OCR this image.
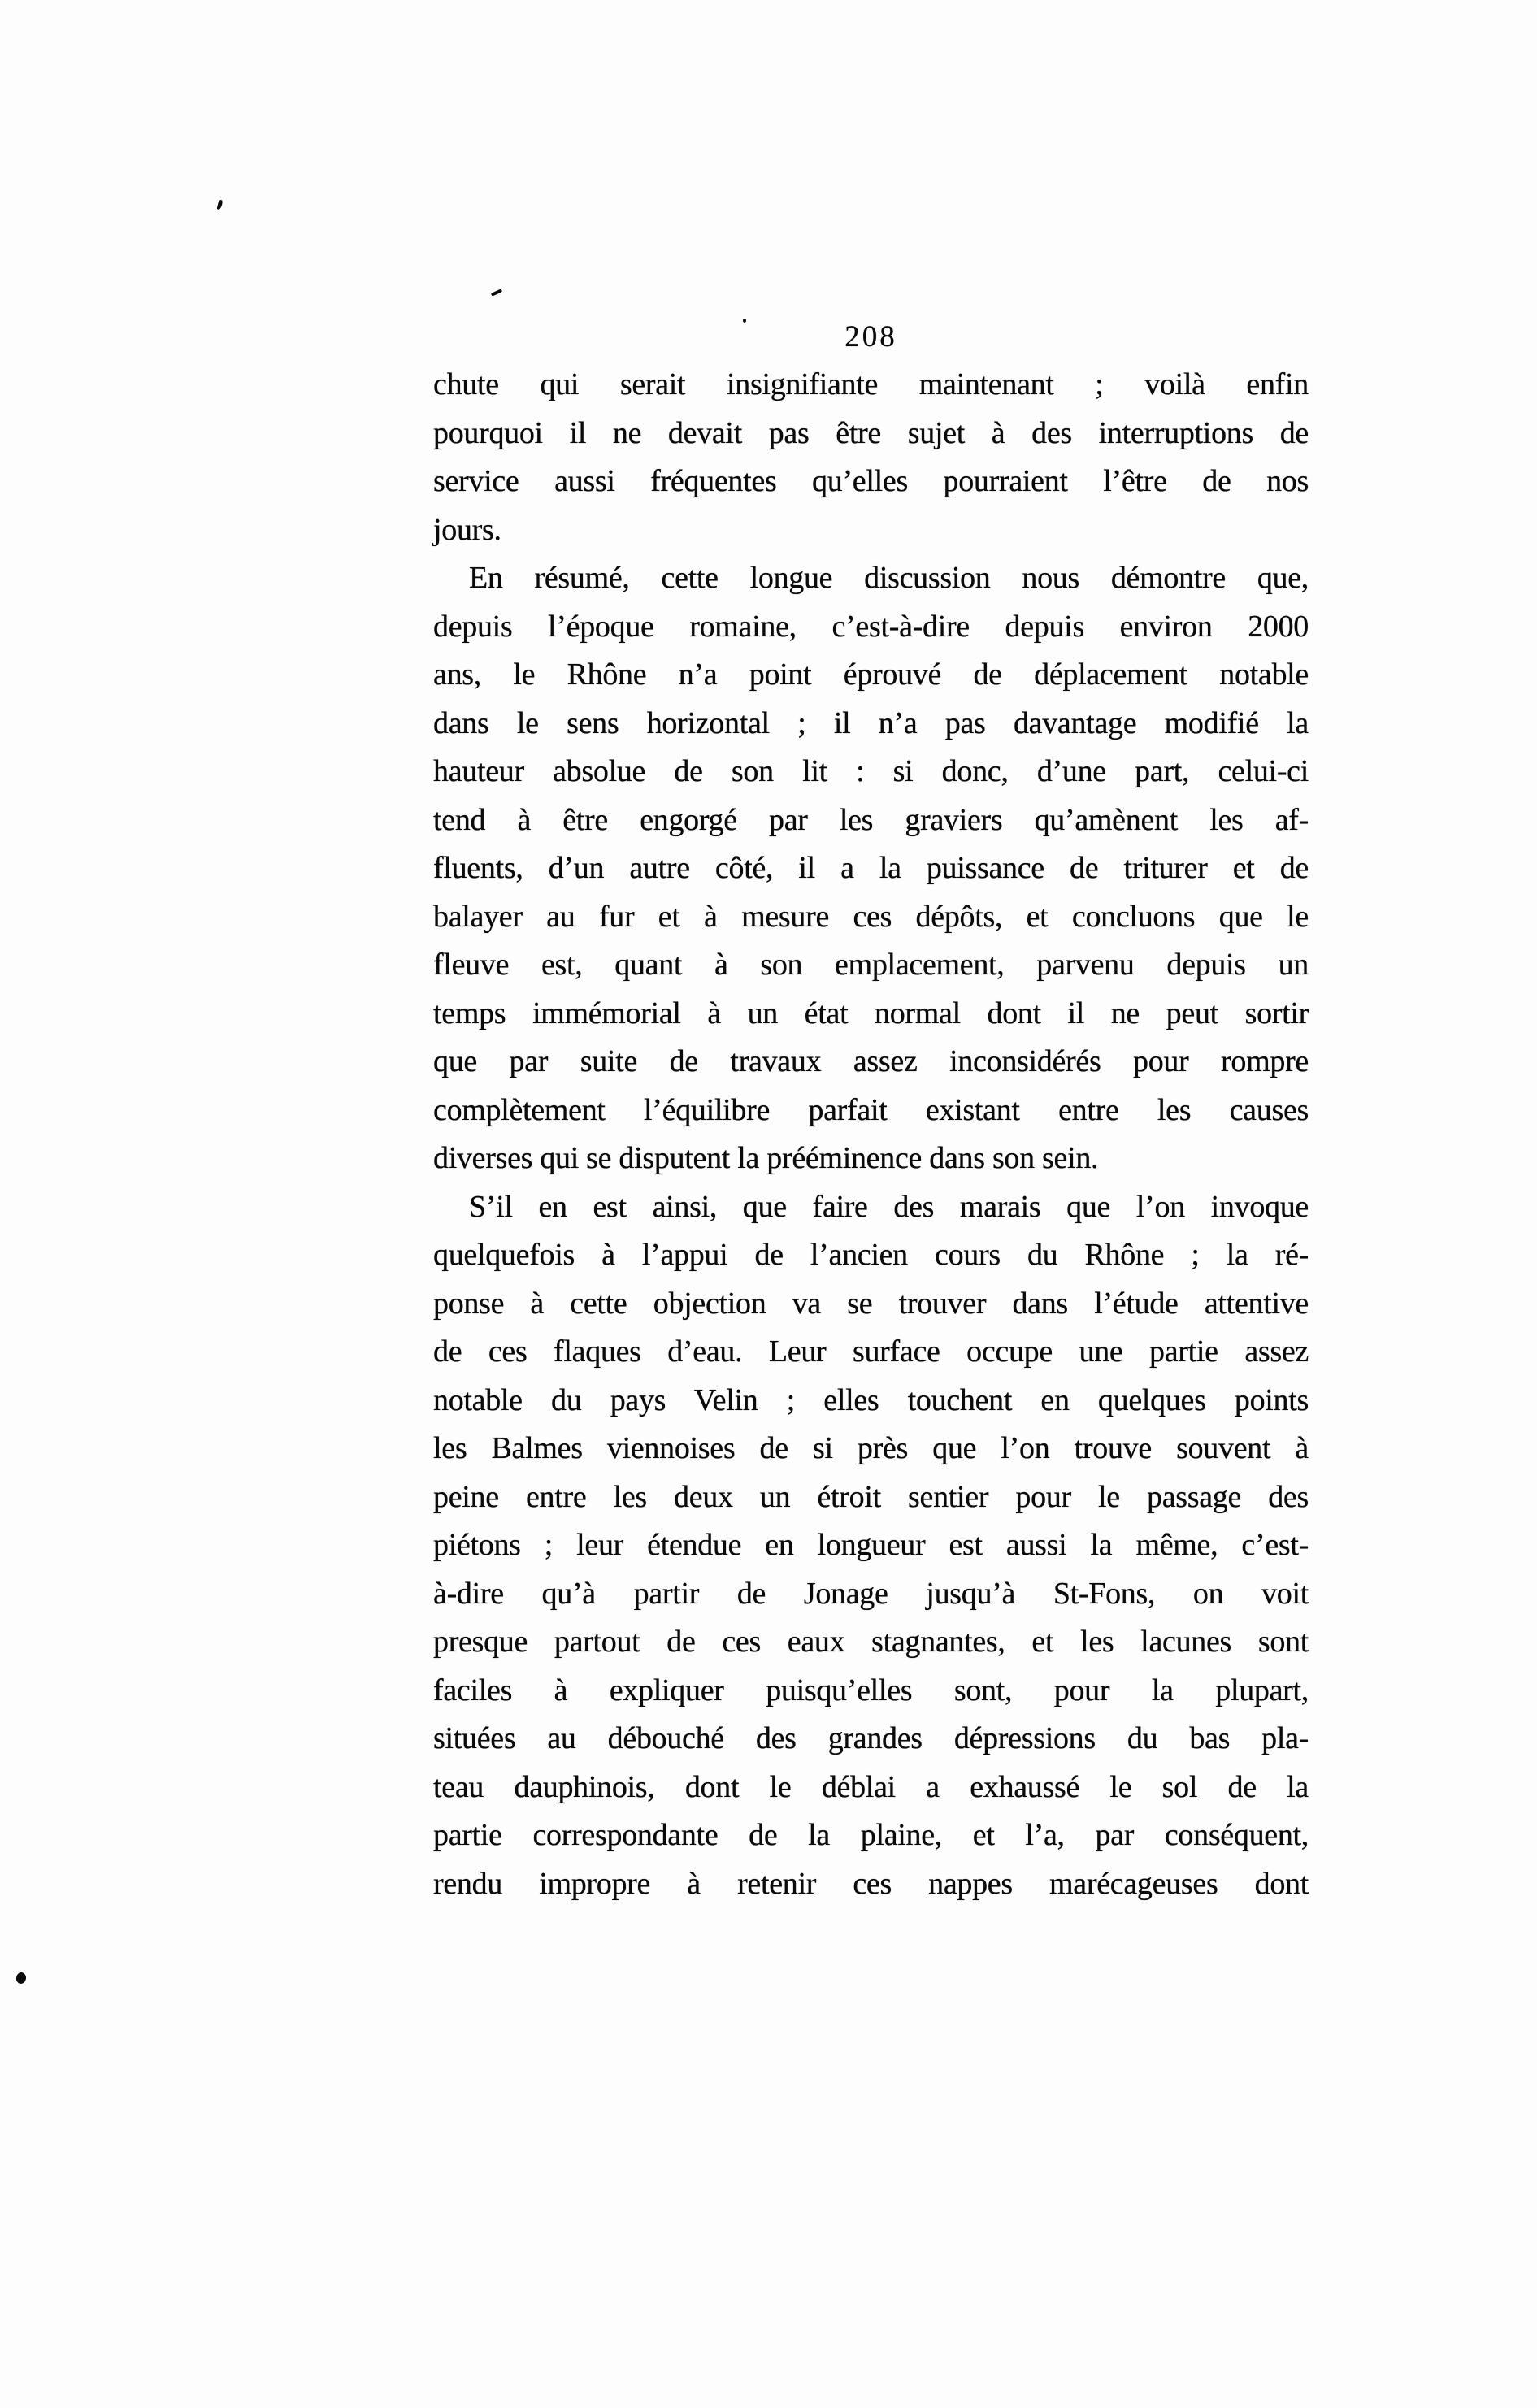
208
chute qui serait insignifiante maintenant ; voilà enfin
pourquoi il ne devait pas être sujet à des interruptions de
service aussi fréquentes qu’elles pourraient l’être de nos
jours.
En résumé, cette longue discussion nous démontre que,
depuis l’époque romaine, c’est-à-dire depuis environ 2000
ans, le Rhône n’a point éprouvé de déplacement notable
dans le sens horizontal ; il n’a pas davantage modifié la
hauteur absolue de son lit : si donc, d’une part, celui-ci
tend à être engorgé par les graviers qu’amènent les af-
fluents, d’un autre côté, il a la puissance de triturer et de
balayer au fur et à mesure ces dépôts, et concluons que le
fleuve est, quant à son emplacement, parvenu depuis un
temps immémorial à un état normal dont il ne peut sortir
que par suite de travaux assez inconsidérés pour rompre
complètement l’équilibre parfait existant entre les causes
diverses qui se disputent la prééminence dans son sein.
S’il en est ainsi, que faire des marais que l’on invoque
quelquefois à l’appui de l’ancien cours du Rhône ; la ré-
ponse à cette objection va se trouver dans l’étude attentive
de ces flaques d’eau. Leur surface occupe une partie assez
notable du pays Velin ; elles touchent en quelques points
les Balmes viennoises de si près que l’on trouve souvent à
peine entre les deux un étroit sentier pour le passage des
piétons ; leur étendue en longueur est aussi la même, c’est-
à-dire qu’à partir de Jonage jusqu’à St-Fons, on voit
presque partout de ces eaux stagnantes, et les lacunes sont
faciles à expliquer puisqu’elles sont, pour la plupart,
situées au débouché des grandes dépressions du bas pla-
teau dauphinois, dont le déblai a exhaussé le sol de la
partie correspondante de la plaine, et l’a, par conséquent,
rendu impropre à retenir ces nappes marécageuses dont
